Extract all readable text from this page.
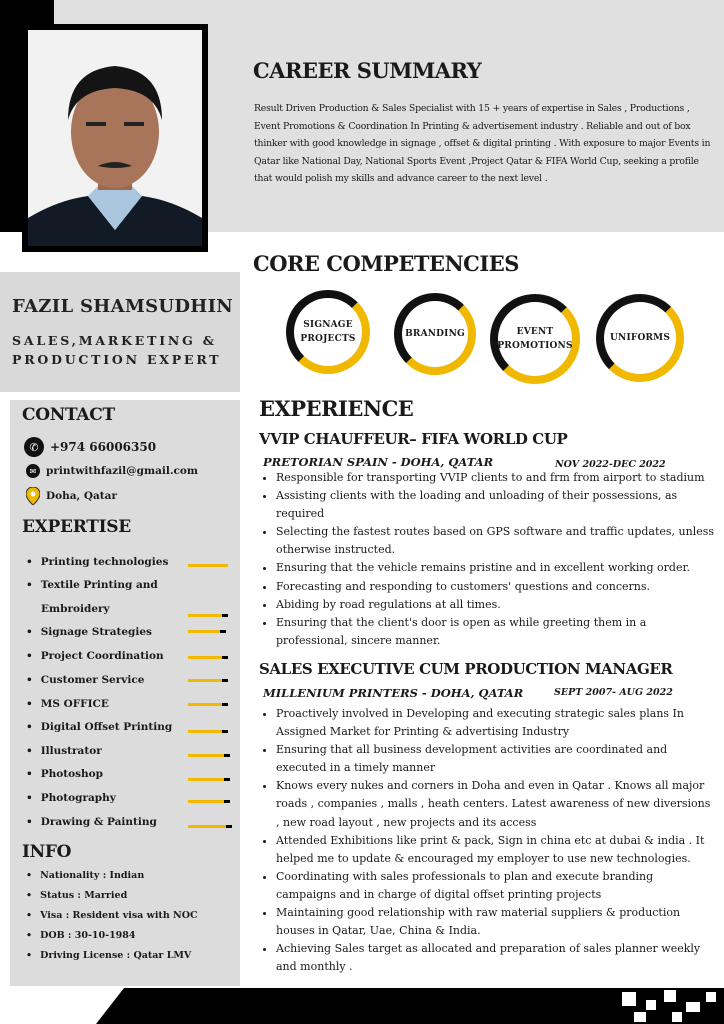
CAREER SUMMARY
Result Driven Production & Sales Specialist with 15 + years of expertise in Sales , Productions , Event Promotions & Coordination In Printing & advertisement industry . Reliable and out of box thinker with good knowledge in signage , offset & digital printing . With exposure to major Events in Qatar like National Day, National Sports Event ,Project Qatar & FIFA World Cup, seeking a profile that would polish my skills and advance career to the next level .
CORE COMPETENCIES
SIGNAGE
PROJECTS	BRANDING	EVENT
PROMOTIONS
UNIFORMS
FAZIL SHAMSUDHIN
SALES,MARKETING &
PRODUCTION EXPERT
CONTACT
✆ +974 66006350
✉ printwithfazil@gmail.com
Doha, Qatar
EXPERTISE
• Printing technologies
• Textile Printing and
Embroidery
• Signage Strategies
• Project Coordination
• Customer Service
• MS OFFICE
• Digital Offset Printing
• Illustrator
• Photoshop
• Photography
• Drawing & Painting
INFO
• Nationality : Indian
• Status : Married
• Visa : Resident visa with NOC
• DOB : 30-10-1984
• Driving License : Qatar LMV
EXPERIENCE
VVIP CHAUFFEUR– FIFA WORLD CUP
PRETORIAN SPAIN - DOHA, QATAR	NOV 2022-DEC 2022
• Responsible for transporting VVIP clients to and frm from airport to stadium
• Assisting clients with the loading and unloading of their possessions, as required
• Selecting the fastest routes based on GPS software and traffic updates, unless otherwise instructed.
• Ensuring that the vehicle remains pristine and in excellent working order.
• Forecasting and responding to customers' questions and concerns.
• Abiding by road regulations at all times.
• Ensuring that the client's door is open as while greeting them in a professional, sincere manner.
SALES EXECUTIVE CUM PRODUCTION MANAGER
MILLENIUM PRINTERS - DOHA, QATAR	SEPT 2007- AUG 2022
• Proactively involved in Developing and executing strategic sales plans In Assigned Market for Printing & advertising Industry
• Ensuring that all business development activities are coordinated and executed in a timely manner
• Knows every nukes and corners in Doha and even in Qatar . Knows all major roads , companies , malls , heath centers. Latest awareness of new diversions , new road layout , new projects and its access
• Attended Exhibitions like print & pack, Sign in china etc at dubai & india . It helped me to update & encouraged my employer to use new technologies.
• Coordinating with sales professionals to plan and execute branding campaigns and in charge of digital offset printing projects
• Maintaining good relationship with raw material suppliers & production houses in Qatar, Uae, China & India.
• Achieving Sales target as allocated and preparation of sales planner weekly and monthly .
